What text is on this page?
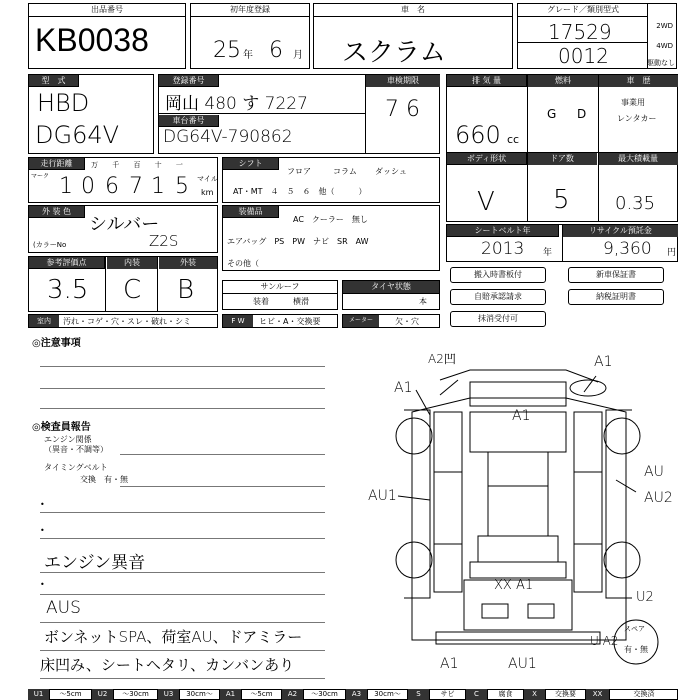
出品番号
KB0038
初年度登録
25 年 6 月
車　名
スクラム
グレード／類別型式
17529
0012
2WD
4WD
駆動なし
型　式
HBD
DG64V
登録番号
岡山 480 す 7227
車台番号
DG64V-790862
車検期限
7 6
排 気 量
660 cc
燃料
G D
車　歴
事業用
レンタカー
走行距離
マーク
万 千 百 十 一
1 0 6 7 1 5 マイル
km
シフト
フロア	コラム ダッシュ
AT・MT　４　５　６　他（　　　）
ボディ形状	ドア数	最大積載量
V 5	0.35
外 装 色
シルバー
(カラーNo	Z2S
装備品
AC　クーラー　無し
エアバッグ　PS　PW　ナビ　SR　AW
その他（
シートベルト年	リサイクル預託金
2013 年	9,360 円
参考評価点	内装	外装
3.5 C B	サンルーフ
装着	横滑
タイヤ状態
本
搬入時書板付	新車保証書
自賠承認請求	納税証明書
抹消受付可
室内	汚れ・コゲ・穴・スレ・破れ・シミ	F W	ヒビ・A・交換要	メーター	欠・穴
◎注意事項
◎検査員報告
エンジン関係
（異音・不調等）
タイミングベルト
交換　有・無
•
•
エンジン異音
•
AUS
ボンネットSPA、荷室AU、ドアミラー
床凹み、シートヘタリ、カンバンあり
A2凹	A1
A1
A1
AU
AU2
AU1
XX A1
U2
U A2
A1	AU1
スペア
有・無
U1	～5cm	U2	～30cm	U3	30cm～	A1	～5cm	A2	～30cm	A3	30cm～	S	サビ	C	腐食	X	交換要	XX	交換済
